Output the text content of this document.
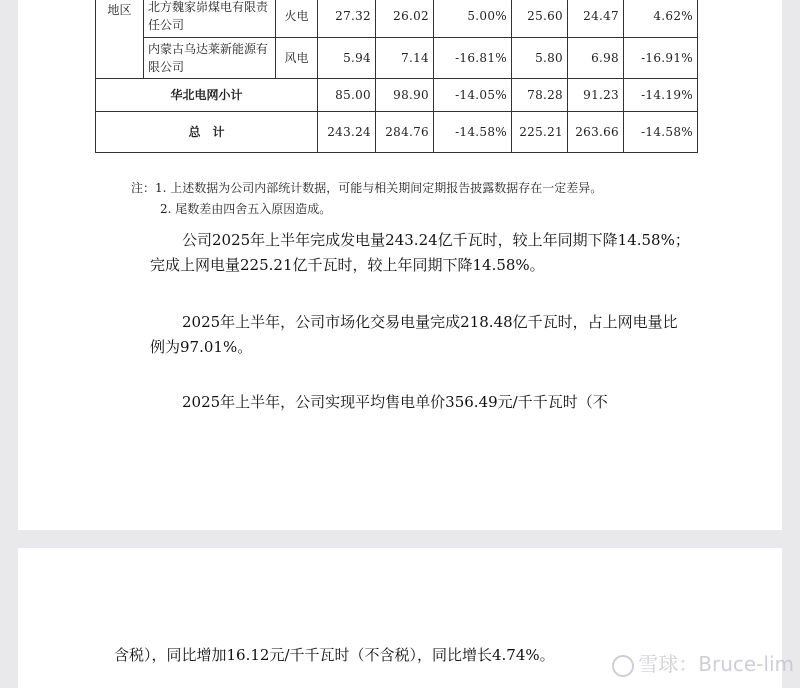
地区	北方魏家峁煤电有限责任公司	火电	27.32	26.02	5.00%	25.60	24.47	4.62%
	内蒙古乌达莱新能源有限公司	风电	5.94	7.14	-16.81%	5.80	6.98	-16.91%
华北电网小计			85.00	98.90	-14.05%	78.28	91.23	-14.19%
总　计			243.24	284.76	-14.58%	225.21	263.66	-14.58%
注：1. 上述数据为公司内部统计数据，可能与相关期间定期报告披露数据存在一定差异。
2. 尾数差由四舍五入原因造成。
公司2025年上半年完成发电量243.24亿千瓦时，较上年同期下降14.58%；完成上网电量225.21亿千瓦时，较上年同期下降14.58%。
2025年上半年，公司市场化交易电量完成218.48亿千瓦时，占上网电量比例为97.01%。
2025年上半年，公司实现平均售电单价356.49元/千千瓦时（不
含税），同比增加16.12元/千千瓦时（不含税），同比增长4.74%。	雪球：Bruce-lim
